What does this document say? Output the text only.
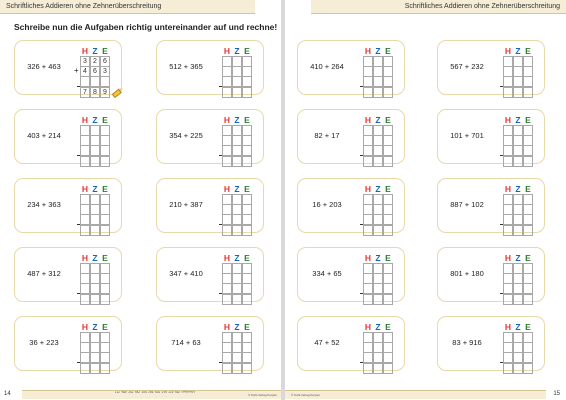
Schriftliches Addieren ohne Zehnerüberschreitung
Schreibe nun die Aufgaben richtig untereinander auf und rechne!
326 + 463
H Z E
3 2 6
+ 4 6 3
7 8 9
512 + 365
H Z E
403 + 214
H Z E
354 + 225
H Z E
234 + 363
H Z E
210 + 387
H Z E
487 + 312
H Z E
347 + 410
H Z E
36 + 223
H Z E
714 + 63
H Z E
Lösungen: 789, 877, 617, 579, 597, 597, 799, 757, 259, 777
© Kohl-Verlag Kerpen
14
Schriftliches Addieren ohne Zehnerüberschreitung
410 + 264
H Z E
567 + 232
H Z E
82 + 17
H Z E
101 + 701
H Z E
16 + 203
H Z E
887 + 102
H Z E
334 + 65
H Z E
801 + 180
H Z E
47 + 52
H Z E
83 + 916
H Z E
© Kohl-Verlag Kerpen	15
